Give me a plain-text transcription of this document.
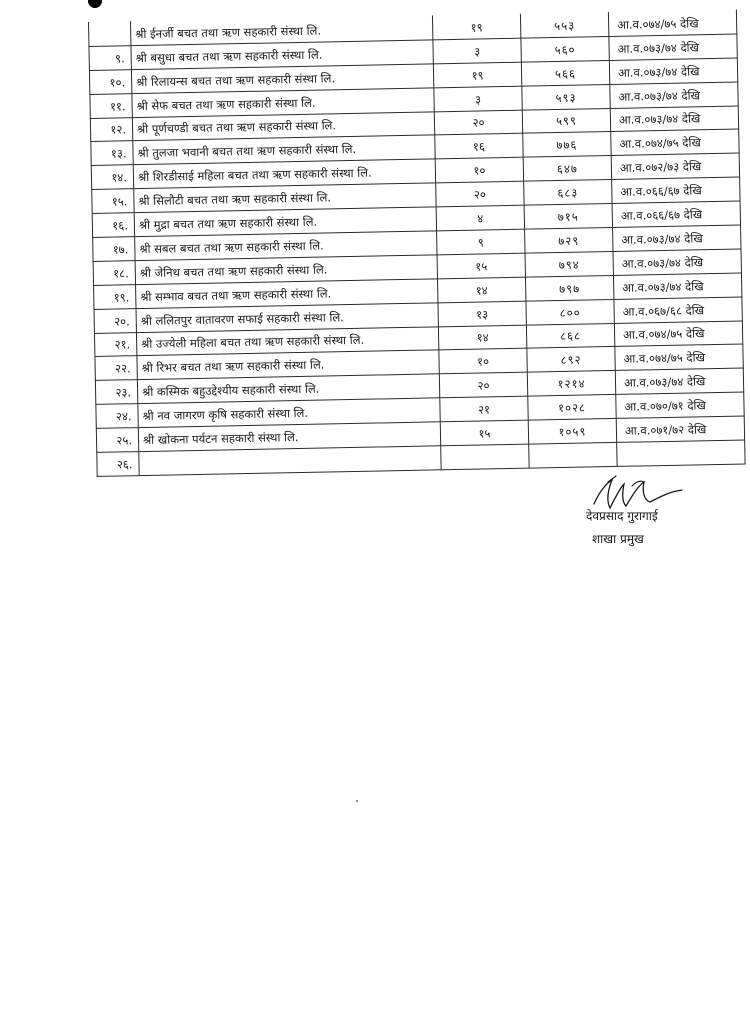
	श्री ईनर्जी बचत तथा ऋण सहकारी संस्था लि.	१९	५५३	आ.व.०७४/७५ देखि
९.	श्री बसुधा बचत तथा ऋण सहकारी संस्था लि.	३	५६०	आ.व.०७३/७४ देखि
१०.	श्री रिलायन्स बचत तथा ऋण सहकारी संस्था लि.	१९	५६६	आ.व.०७३/७४ देखि
११.	श्री सेफ बचत तथा ऋण सहकारी संस्था लि.	३	५९३	आ.व.०७३/७४ देखि
१२.	श्री पूर्णचण्डी बचत तथा ऋण सहकारी संस्था लि.	२०	५९९	आ.व.०७३/७४ देखि
१३.	श्री तुलजा भवानी बचत तथा ऋण सहकारी संस्था लि.	१६	७७६	आ.व.०७४/७५ देखि
१४.	श्री शिरडीसाई महिला बचत तथा ऋण सहकारी संस्था लि.	१०	६४७	आ.व.०७२/७३ देखि
१५.	श्री सिलौटी बचत तथा ऋण सहकारी संस्था लि.	२०	६८३	आ.व.०६६/६७ देखि
१६.	श्री मुद्रा बचत तथा ऋण सहकारी संस्था लि.	४	७१५	आ.व.०६६/६७ देखि
१७.	श्री सबल बचत तथा ऋण सहकारी संस्था लि.	९	७२९	आ.व.०७३/७४ देखि
१८.	श्री जेनिथ बचत तथा ऋण सहकारी संस्था लि.	१५	७९४	आ.व.०७३/७४ देखि
१९.	श्री सम्भाव बचत तथा ऋण सहकारी संस्था लि.	१४	७९७	आ.व.०७३/७४ देखि
२०.	श्री ललितपुर वातावरण सफाई सहकारी संस्था लि.	१३	८००	आ.व.०६७/६८ देखि
२१.	श्री उज्येली महिला बचत तथा ऋण सहकारी संस्था लि.	१४	८६८	आ.व.०७४/७५ देखि
२२.	श्री रिभर बचत तथा ऋण सहकारी संस्था लि.	१०	८९२	आ.व.०७४/७५ देखि
२३.	श्री कस्मिक बहुउद्देश्यीय सहकारी संस्था लि.	२०	१२१४	आ.व.०७३/७४ देखि
२४.	श्री नव जागरण कृषि सहकारी संस्था लि.	२१	१०२८	आ.व.०७०/७१ देखि
२५.	श्री खोकना पर्यटन सहकारी संस्था लि.	१५	१०५९	आ.व.०७१/७२ देखि
२६.				
देवप्रसाद गुरागाई
शाखा प्रमुख
